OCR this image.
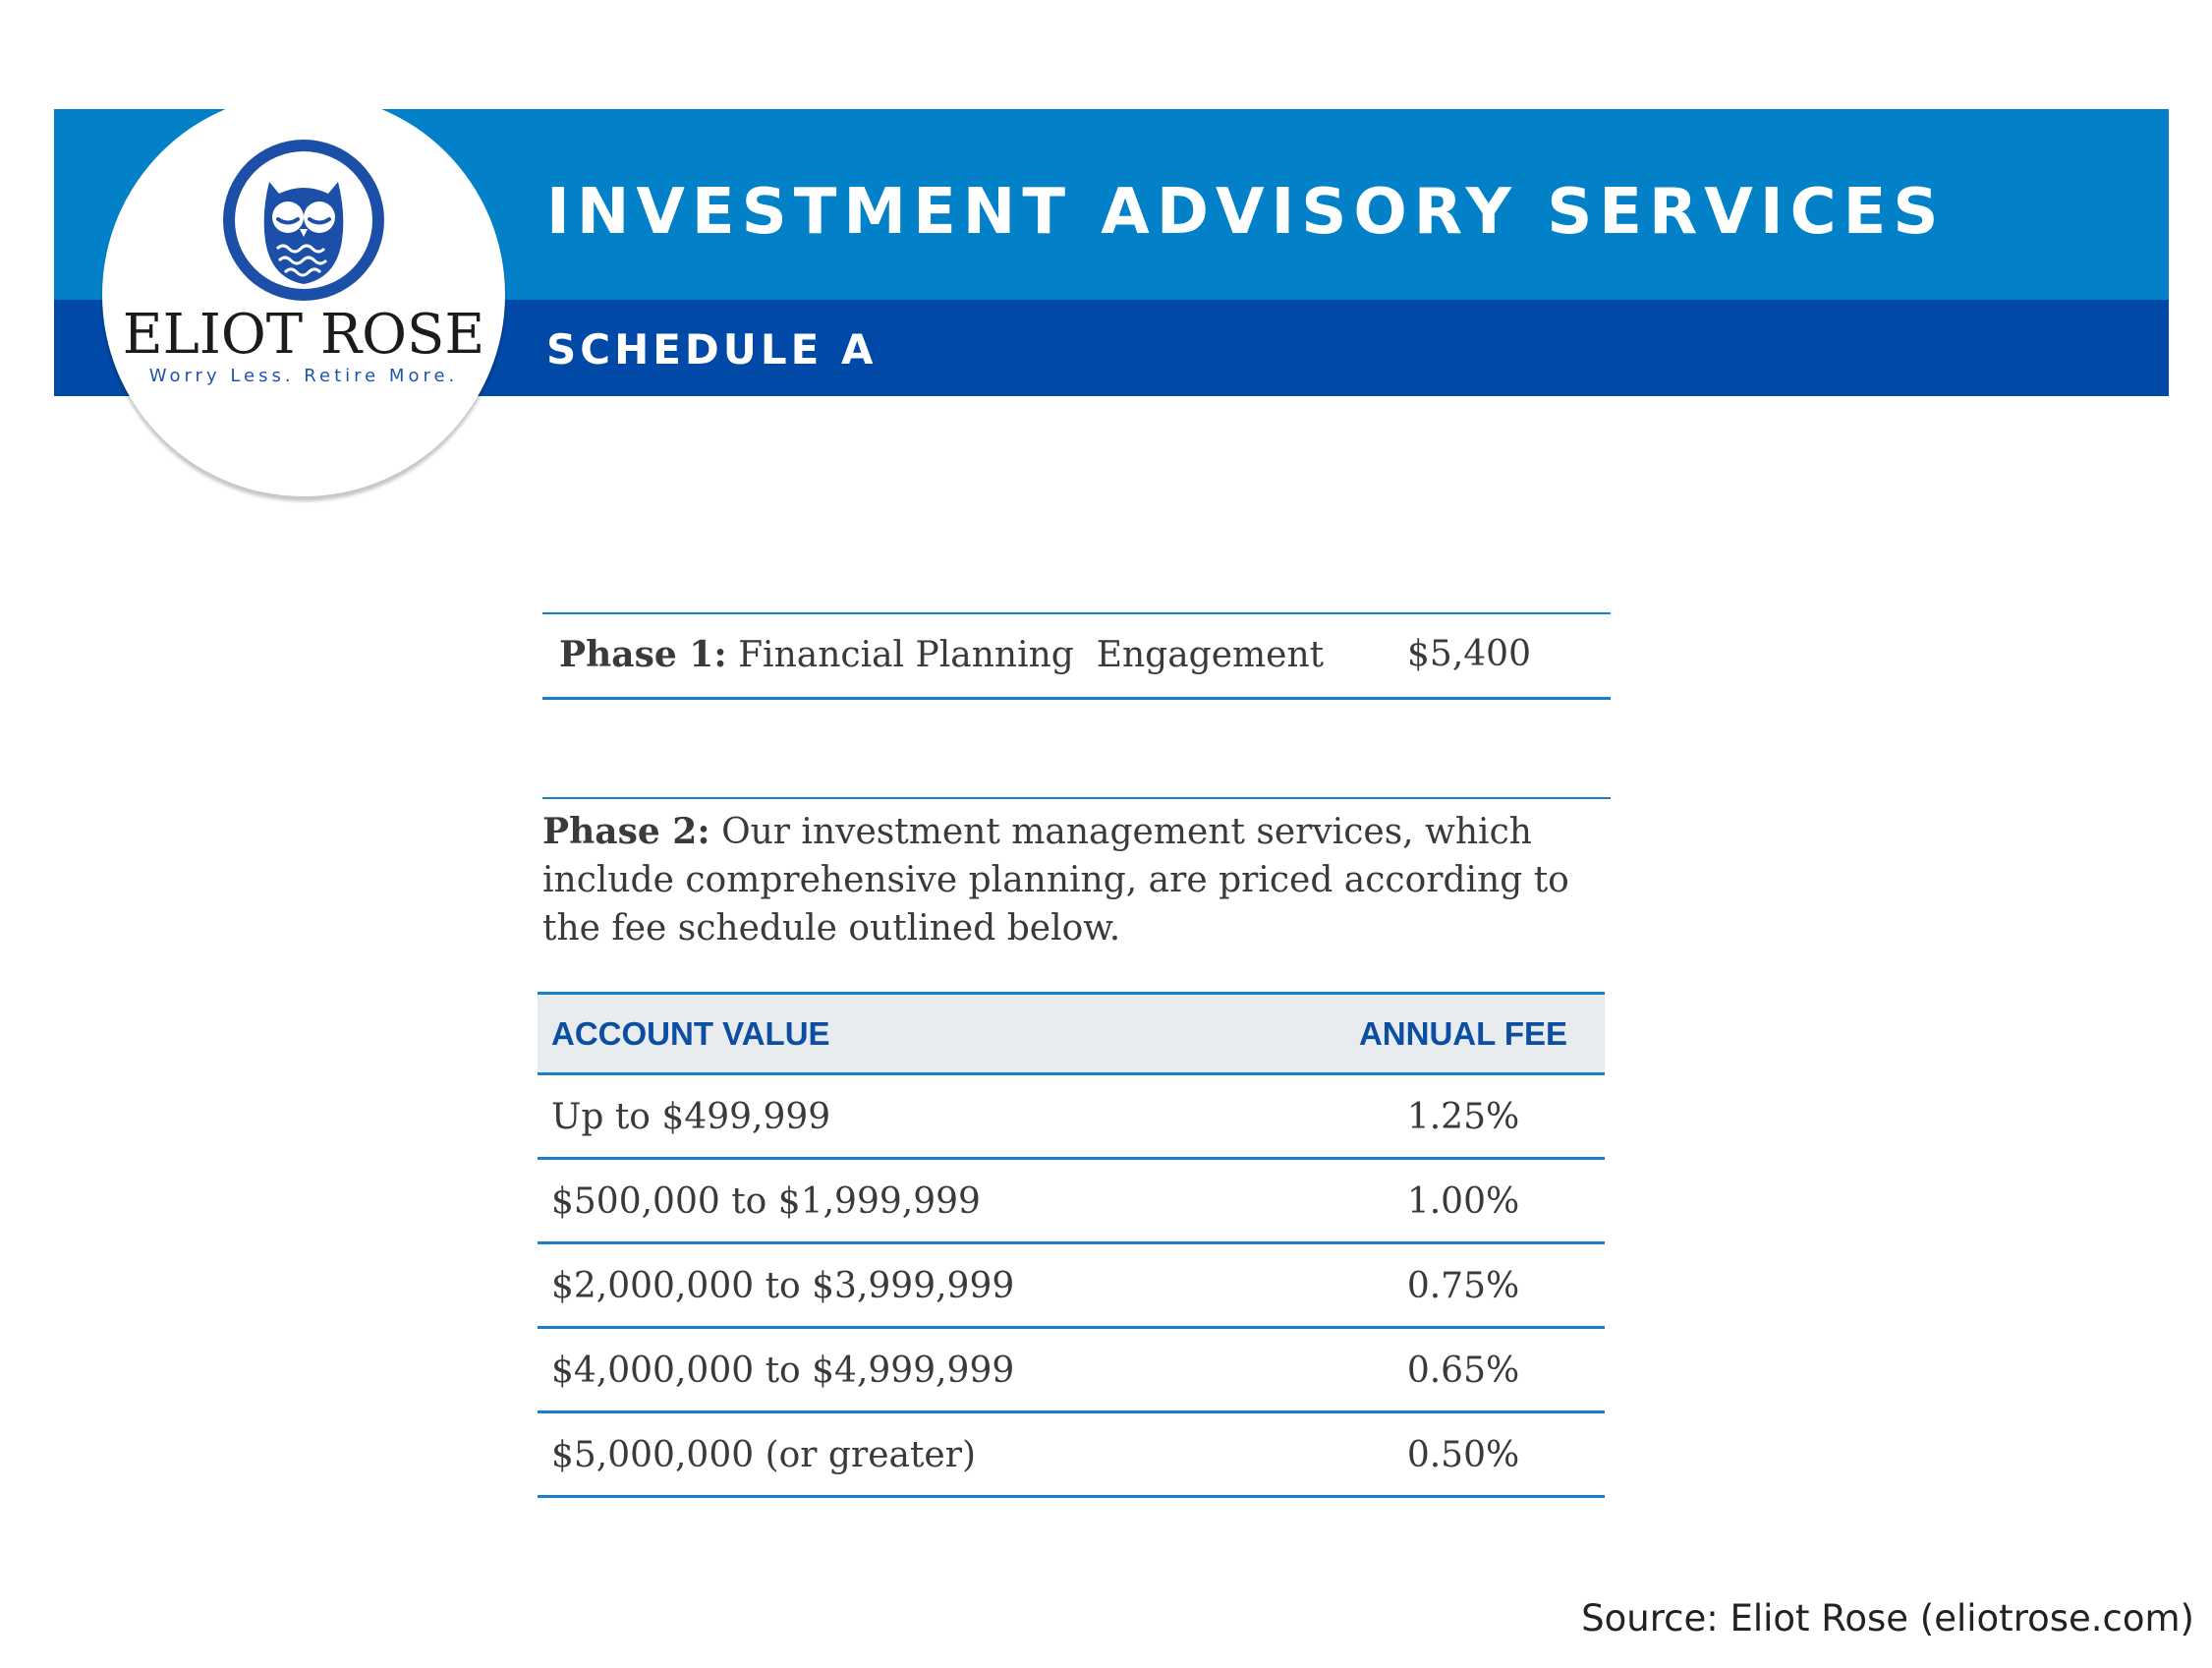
INVESTMENT ADVISORY SERVICES
SCHEDULE A
ELIOT ROSE
Worry Less. Retire More.
Phase 1: Financial Planning  Engagement	$5,400

Phase 2: Our investment management services, which include comprehensive planning, are priced according to the fee schedule outlined below.

ACCOUNT VALUE	ANNUAL FEE
Up to $499,999	1.25%
$500,000 to $1,999,999	1.00%
$2,000,000 to $3,999,999	0.75%
$4,000,000 to $4,999,999	0.65%
$5,000,000 (or greater)	0.50%
Source: Eliot Rose (eliotrose.com)
